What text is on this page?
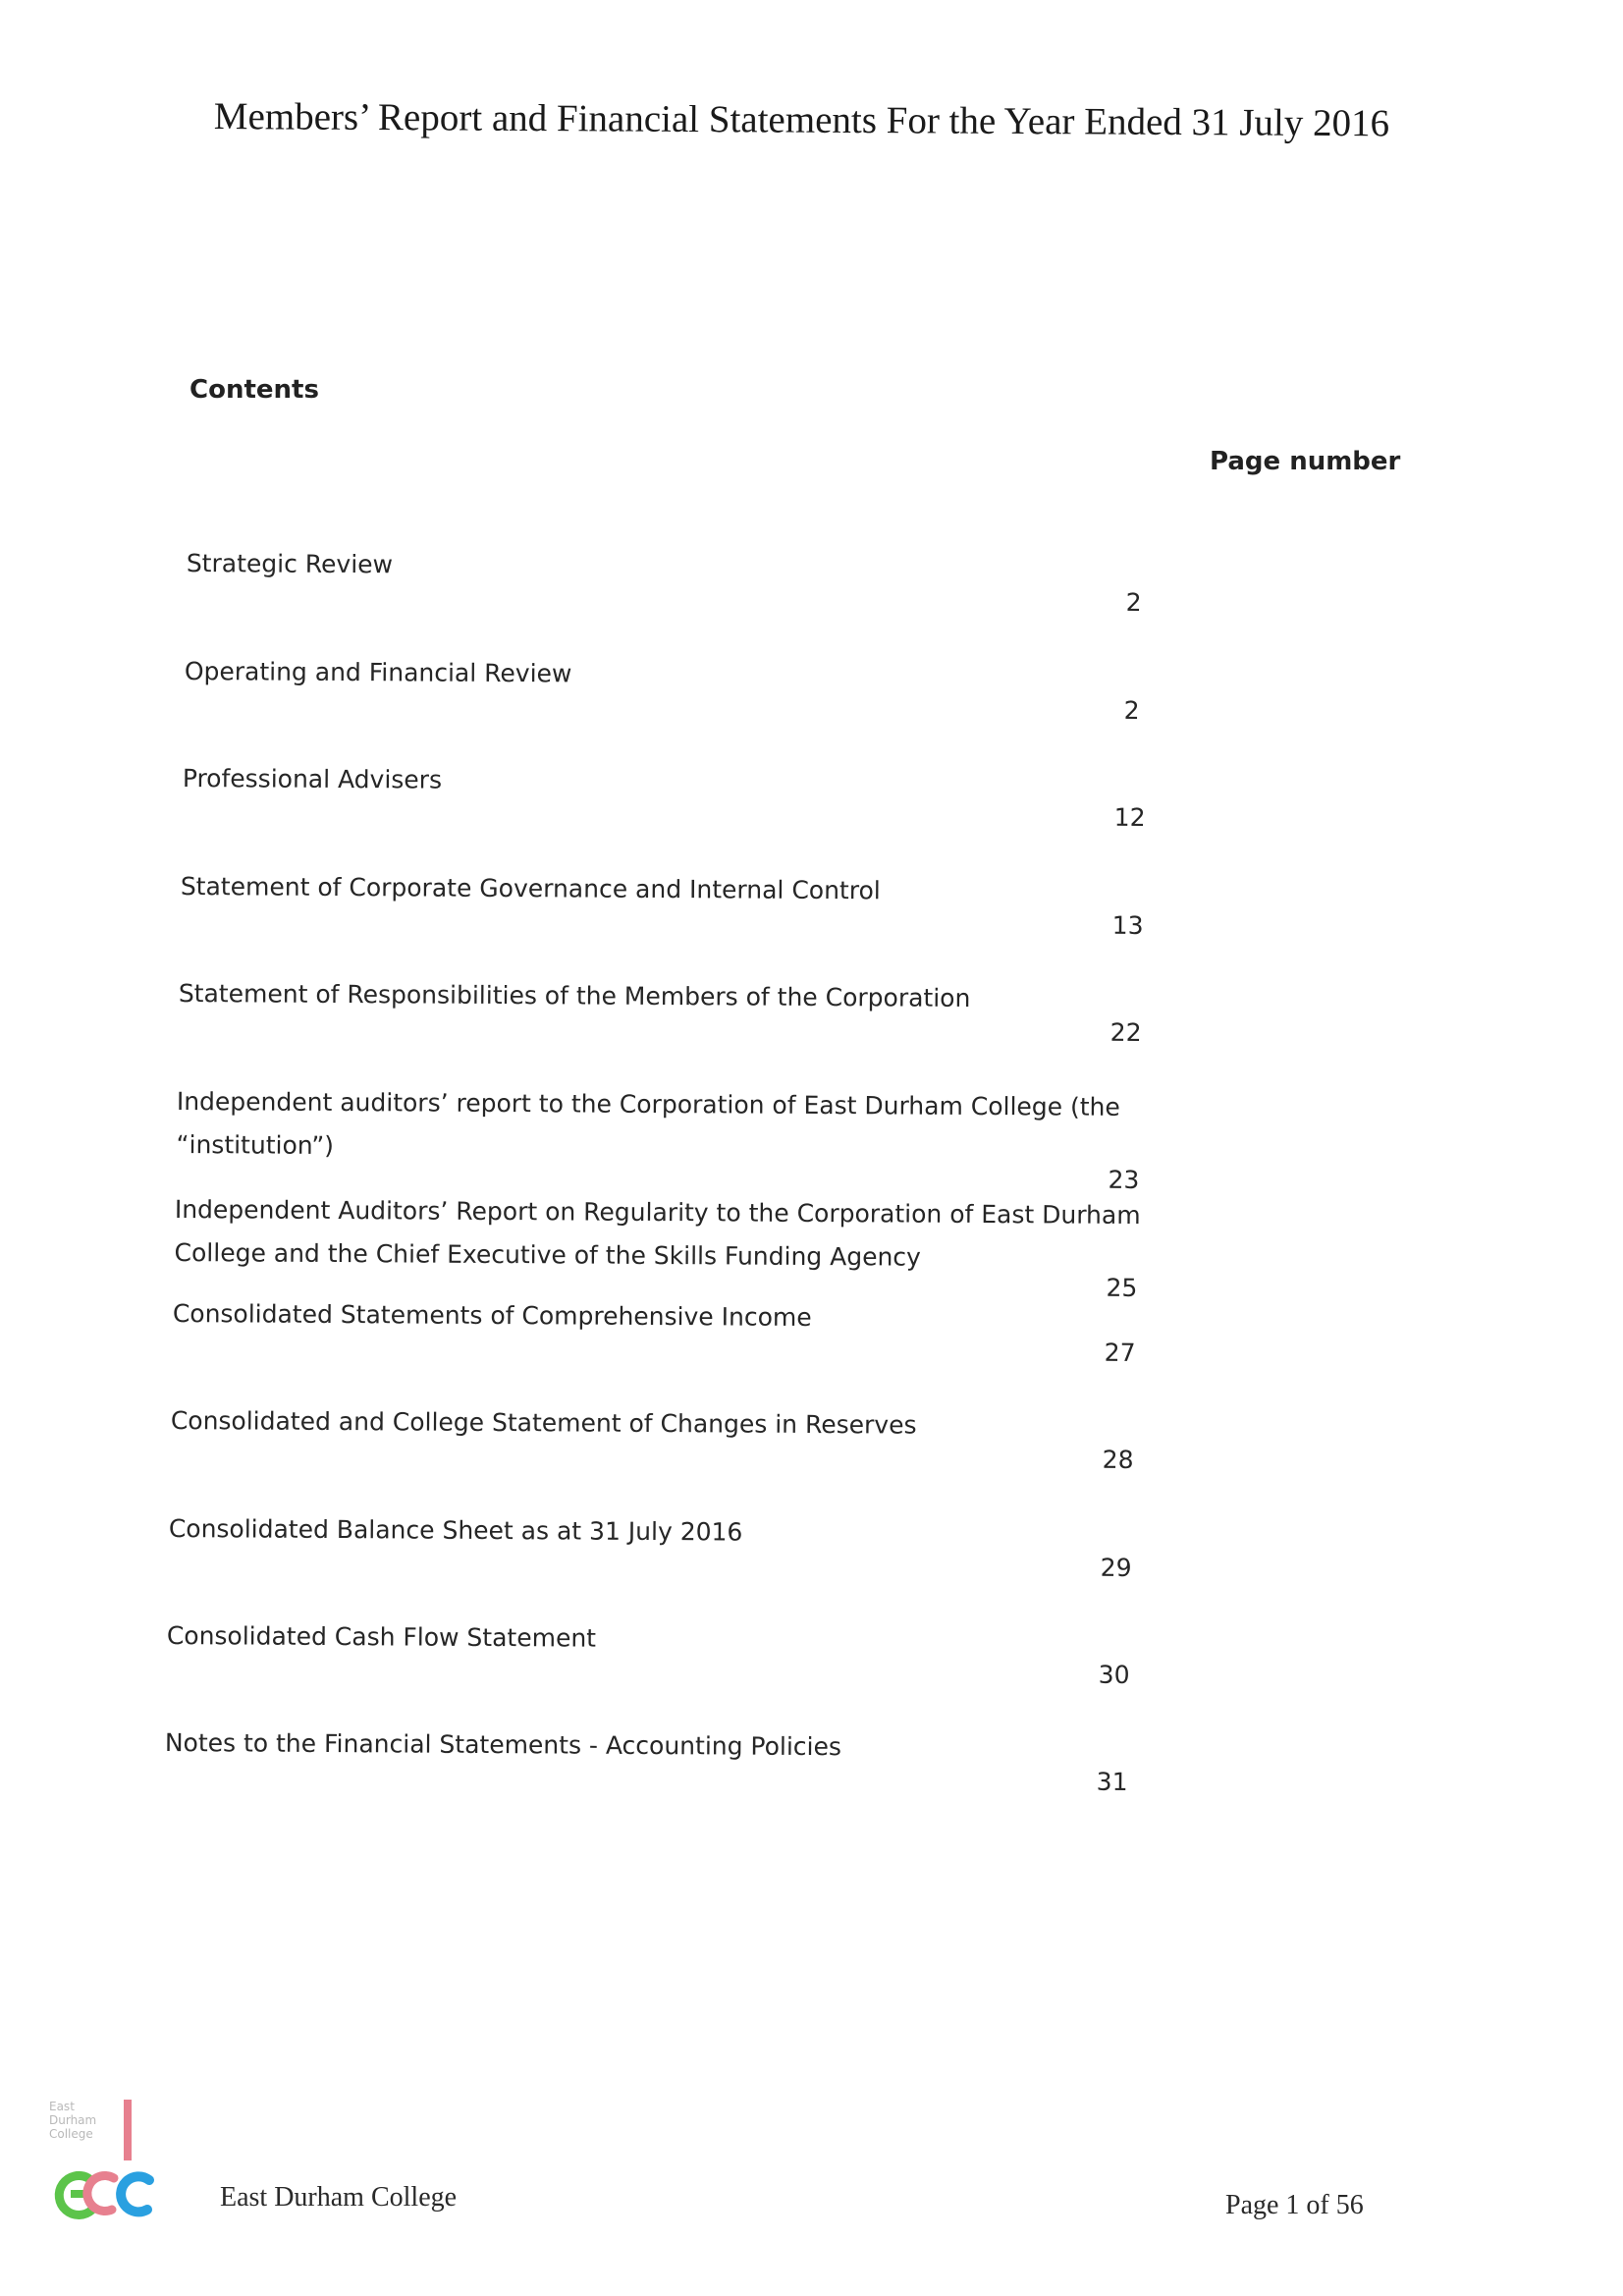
Members’ Report and Financial Statements For the Year Ended 31 July 2016
Contents
Page number
Strategic Review
2
Operating and Financial Review
2
Professional Advisers
12
Statement of Corporate Governance and Internal Control
13
Statement of Responsibilities of the Members of the Corporation
22
Independent auditors’ report to the Corporation of East Durham College (the “institution”)
23
Independent Auditors’ Report on Regularity to the Corporation of East Durham College and the Chief Executive of the Skills Funding Agency
25
Consolidated Statements of Comprehensive Income
27
Consolidated and College Statement of Changes in Reserves
28
Consolidated Balance Sheet as at 31 July 2016
29
Consolidated Cash Flow Statement
30
Notes to the Financial Statements - Accounting Policies
31
East
Durham
College
East Durham College	Page 1 of 56
